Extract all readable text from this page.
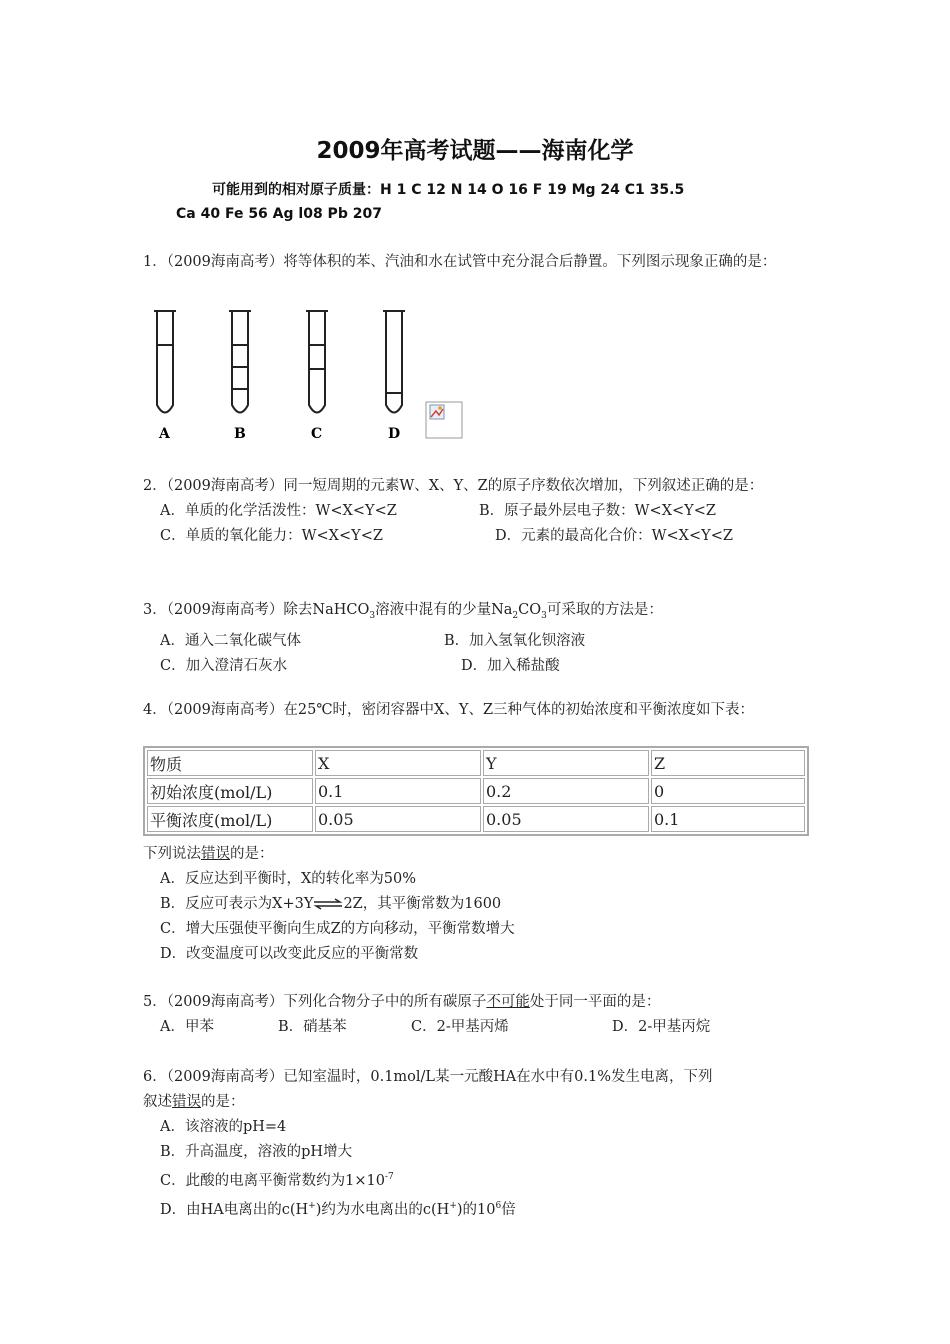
2009年高考试题——海南化学
可能用到的相对原子质量：H 1 C 12 N 14 O 16 F 19 Mg 24 C1 35.5
Ca 40 Fe 56 Ag l08 Pb 207
1．（2009海南高考）将等体积的苯、汽油和水在试管中充分混合后静置。下列图示现象正确的是：
A	B	C	D
2．（2009海南高考）同一短周期的元素W、X、Y、Z的原子序数依次增加，下列叙述正确的是：
A．单质的化学活泼性：W<X<Y<Z	B．原子最外层电子数：W<X<Y<Z
C．单质的氧化能力：W<X<Y<Z	D．元素的最高化合价：W<X<Y<Z
3．（2009海南高考）除去NaHCO$_3$溶液中混有的少量$Na_2CO_3$可采取的方法是：
A．通入二氧化碳气体	B．加入氢氧化钡溶液
C．加入澄清石灰水	D．加入稀盐酸
4．（2009海南高考）在25℃时，密闭容器中X、Y、Z三种气体的初始浓度和平衡浓度如下表：
物质	X	Y	Z
初始浓度(mol/L)	0.1	0.2	0
平衡浓度(mol/L)	0.05	0.05	0.1
下列说法错误的是：
A．反应达到平衡时，X的转化率为50%
B．反应可表示为X+3Y⇌2Z，其平衡常数为1600
C．增大压强使平衡向生成Z的方向移动，平衡常数增大
D．改变温度可以改变此反应的平衡常数
5．（2009海南高考）下列化合物分子中的所有碳原子不可能处于同一平面的是：
A．甲苯	B．硝基苯	C．2-甲基丙烯	D．2-甲基丙烷
6．（2009海南高考）已知室温时，0.1mol/L某一元酸HA在水中有0.1%发生电离，下列
叙述错误的是：
A．该溶液的pH=4
B．升高温度，溶液的pH增大
C．此酸的电离平衡常数约为$1\times 10^{-7}$
D．由HA电离出的c(H+)约为水电离出的c(H+)的$10^6$倍
